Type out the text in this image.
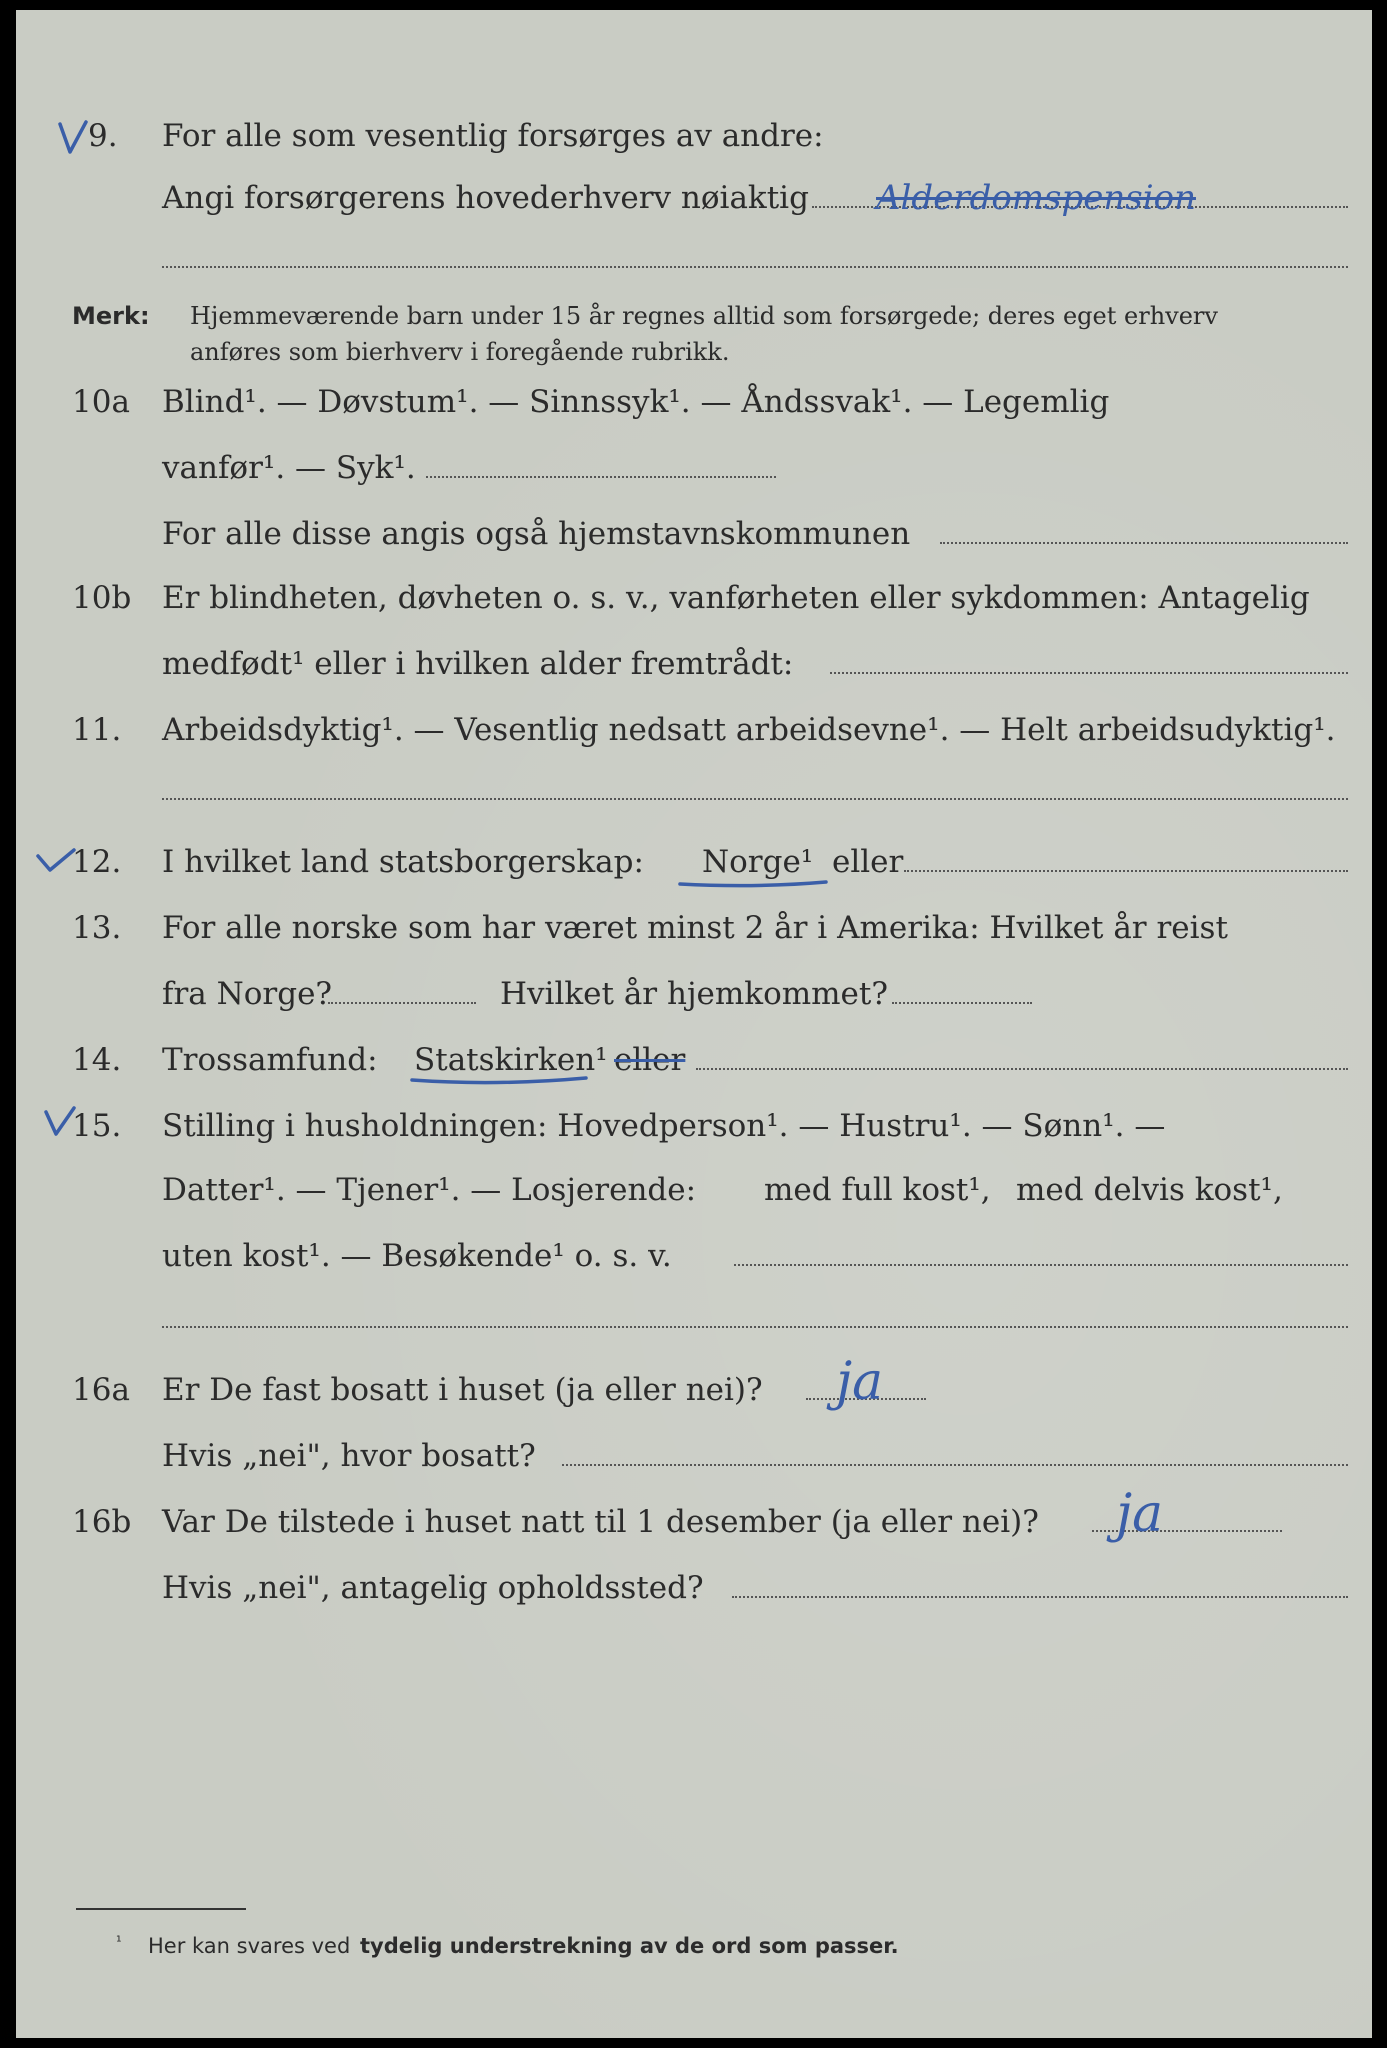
9. For alle som vesentlig forsørges av andre:
Angi forsørgerens hovederhverv nøiaktig Alderdomspension
Merk: Hjemmeværende barn under 15 år regnes alltid som forsørgede; deres eget erhverv
anføres som bierhverv i foregående rubrikk.
10a Blind¹. — Døvstum¹. — Sinnssyk¹. — Åndssvak¹. — Legemlig
vanfør¹. — Syk¹.
For alle disse angis også hjemstavnskommunen
10b Er blindheten, døvheten o. s. v., vanførheten eller sykdommen: Antagelig
medfødt¹ eller i hvilken alder fremtrådt:
11. Arbeidsdyktig¹. — Vesentlig nedsatt arbeidsevne¹. — Helt arbeidsudyktig¹.
12. I hvilket land statsborgerskap: Norge¹ eller
13. For alle norske som har været minst 2 år i Amerika: Hvilket år reist
fra Norge?	Hvilket år hjemkommet?
14. Trossamfund: Statskirken¹ eller
15. Stilling i husholdningen: Hovedperson¹. — Hustru¹. — Sønn¹. —
Datter¹. — Tjener¹. — Losjerende: med full kost¹, med delvis kost¹,
uten kost¹. — Besøkende¹ o. s. v.
16a Er De fast bosatt i huset (ja eller nei)? ja
Hvis „nei", hvor bosatt?
16b Var De tilstede i huset natt til 1 desember (ja eller nei)? ja
Hvis „nei", antagelig opholdssted?
¹ Her kan svares ved tydelig understrekning av de ord som passer.
